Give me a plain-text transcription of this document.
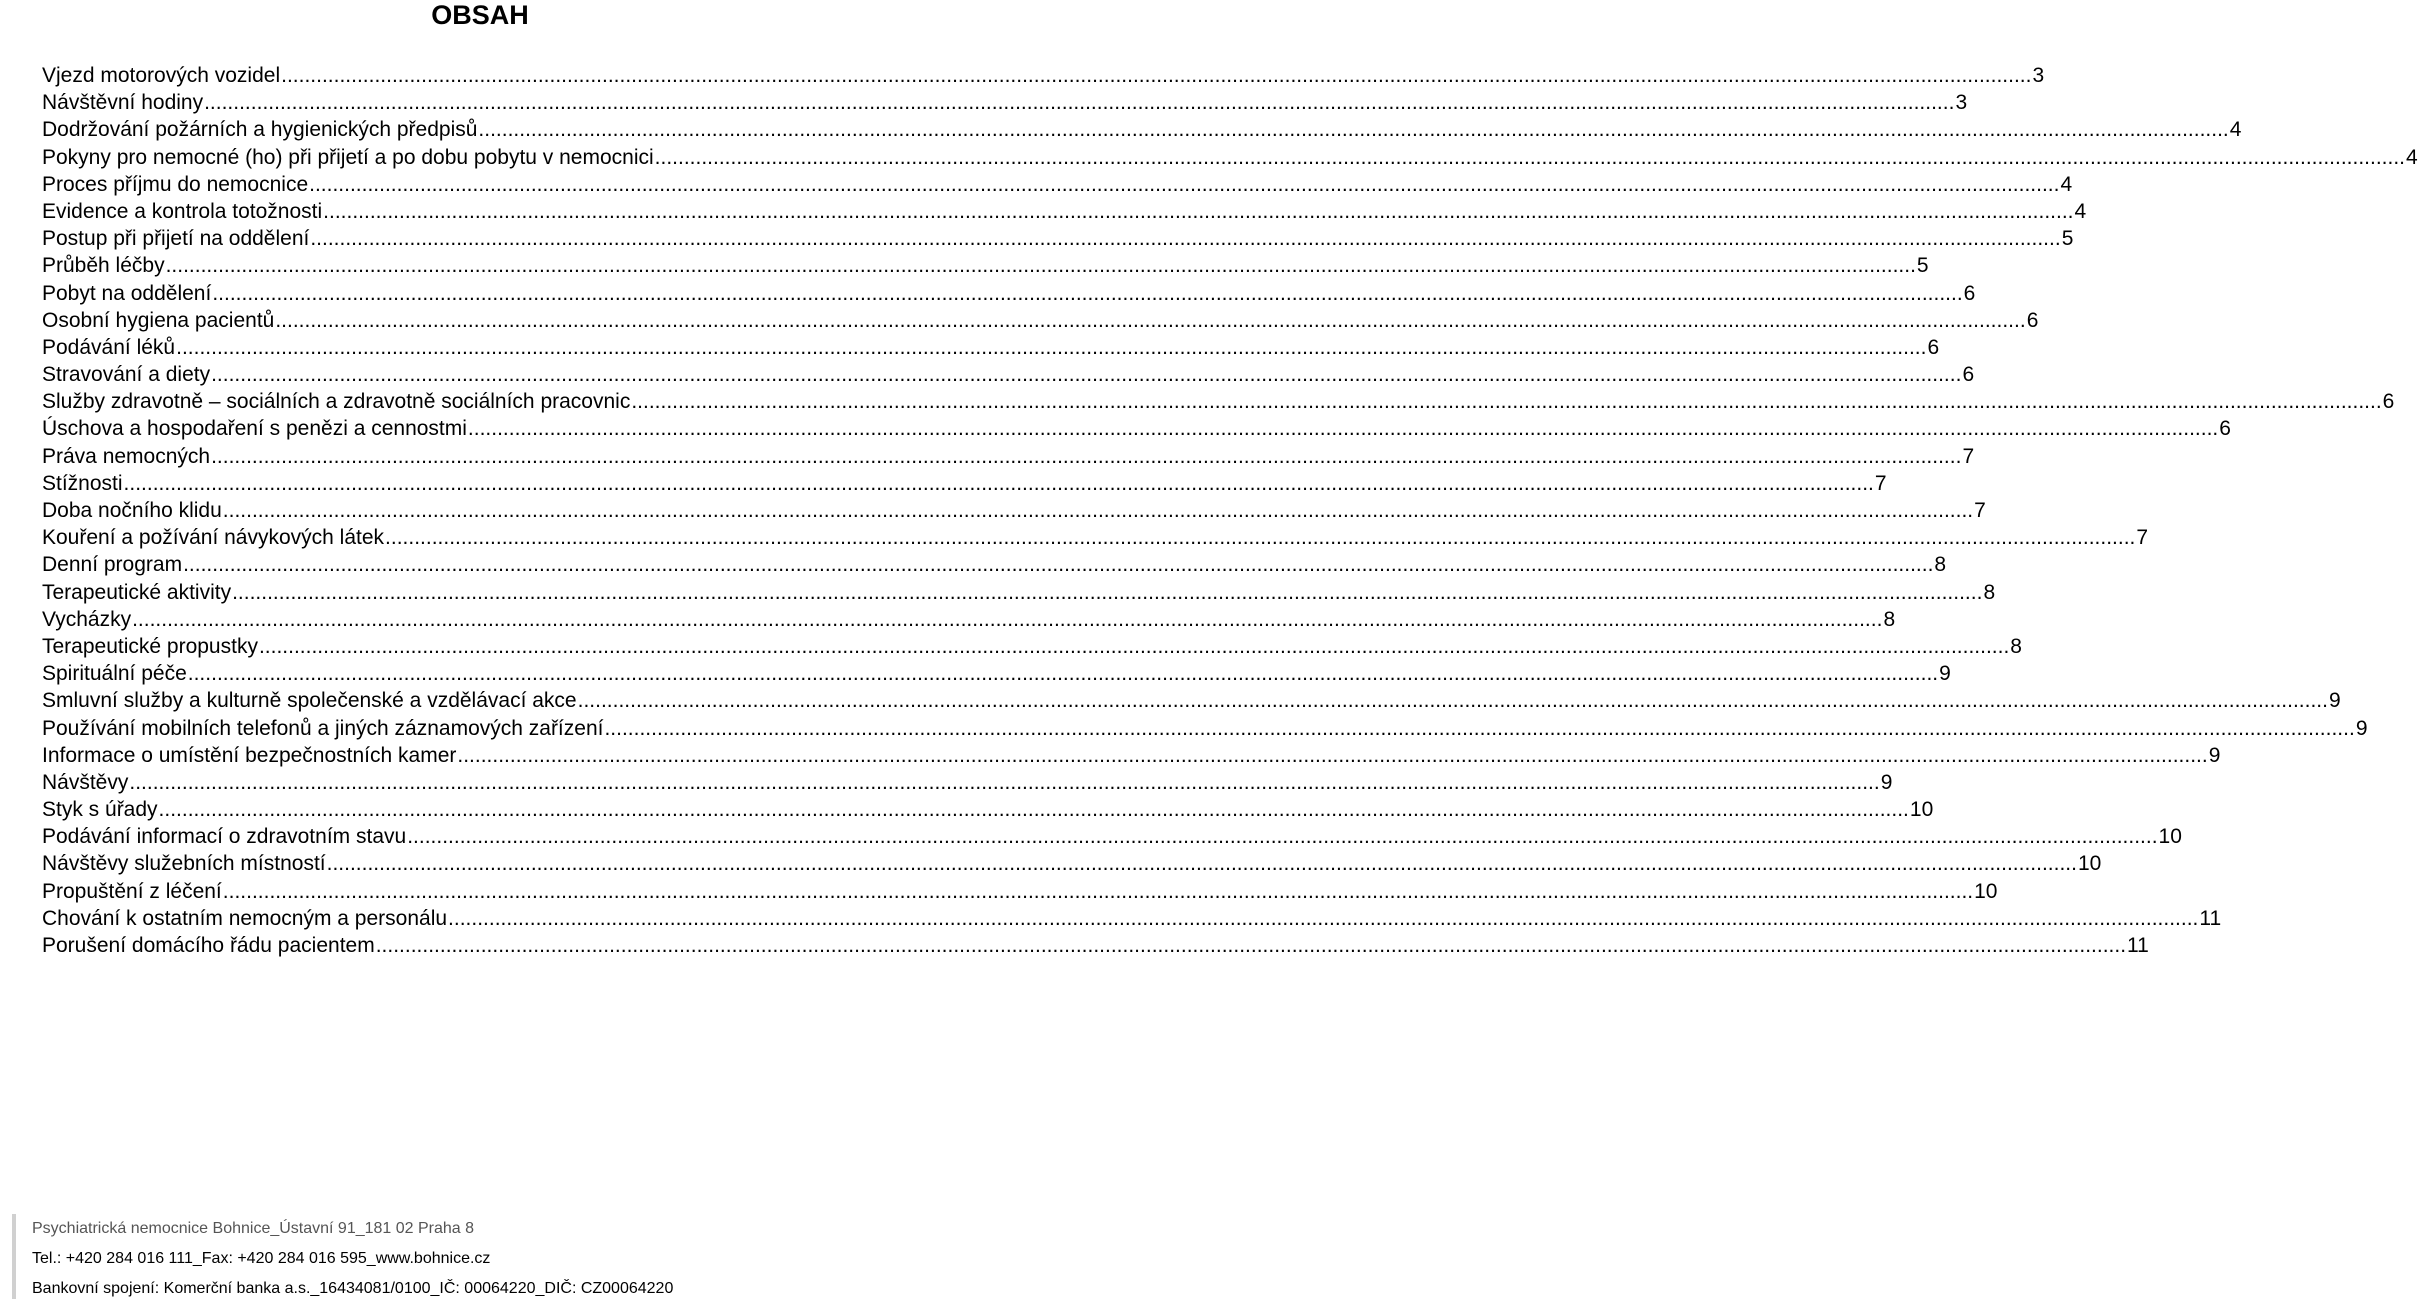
OBSAH
Vjezd motorových vozidel ............................................................................................................................................................................................................................................................................................................ 3
Návštěvní hodiny ............................................................................................................................................................................................................................................................................................................ 3
Dodržování požárních a hygienických předpisů ............................................................................................................................................................................................................................................................................................................ 4
Pokyny pro nemocné (ho) při přijetí a po dobu pobytu v nemocnici ............................................................................................................................................................................................................................................................................................................ 4
Proces příjmu do nemocnice ............................................................................................................................................................................................................................................................................................................ 4
Evidence a kontrola totožnosti ............................................................................................................................................................................................................................................................................................................ 4
Postup při přijetí na oddělení ............................................................................................................................................................................................................................................................................................................ 5
Průběh léčby ............................................................................................................................................................................................................................................................................................................ 5
Pobyt na oddělení ............................................................................................................................................................................................................................................................................................................ 6
Osobní hygiena pacientů ............................................................................................................................................................................................................................................................................................................ 6
Podávání léků ............................................................................................................................................................................................................................................................................................................ 6
Stravování a diety ............................................................................................................................................................................................................................................................................................................ 6
Služby zdravotně – sociálních a zdravotně sociálních pracovnic ............................................................................................................................................................................................................................................................................................................ 6
Úschova a hospodaření s penězi a cennostmi ............................................................................................................................................................................................................................................................................................................ 6
Práva nemocných ............................................................................................................................................................................................................................................................................................................ 7
Stížnosti ............................................................................................................................................................................................................................................................................................................ 7
Doba nočního klidu ............................................................................................................................................................................................................................................................................................................ 7
Kouření a požívání návykových látek ............................................................................................................................................................................................................................................................................................................ 7
Denní program ............................................................................................................................................................................................................................................................................................................ 8
Terapeutické aktivity ............................................................................................................................................................................................................................................................................................................ 8
Vycházky ............................................................................................................................................................................................................................................................................................................ 8
Terapeutické propustky ............................................................................................................................................................................................................................................................................................................ 8
Spirituální péče ............................................................................................................................................................................................................................................................................................................ 9
Smluvní služby a kulturně společenské a vzdělávací akce ............................................................................................................................................................................................................................................................................................................ 9
Používání mobilních telefonů a jiných záznamových zařízení ............................................................................................................................................................................................................................................................................................................ 9
Informace o umístění bezpečnostních kamer ............................................................................................................................................................................................................................................................................................................ 9
Návštěvy ............................................................................................................................................................................................................................................................................................................ 9
Styk s úřady ............................................................................................................................................................................................................................................................................................................ 10
Podávání informací o zdravotním stavu ............................................................................................................................................................................................................................................................................................................ 10
Návštěvy služebních místností ............................................................................................................................................................................................................................................................................................................ 10
Propuštění z léčení ............................................................................................................................................................................................................................................................................................................ 10
Chování k ostatním nemocným a personálu ............................................................................................................................................................................................................................................................................................................ 11
Porušení domácího řádu pacientem ............................................................................................................................................................................................................................................................................................................ 11
Psychiatrická nemocnice Bohnice_Ústavní 91_181 02 Praha 8
Tel.: +420 284 016 111_Fax: +420 284 016 595_www.bohnice.cz
Bankovní spojení: Komerční banka a.s._16434081/0100_IČ: 00064220_DIČ: CZ00064220
